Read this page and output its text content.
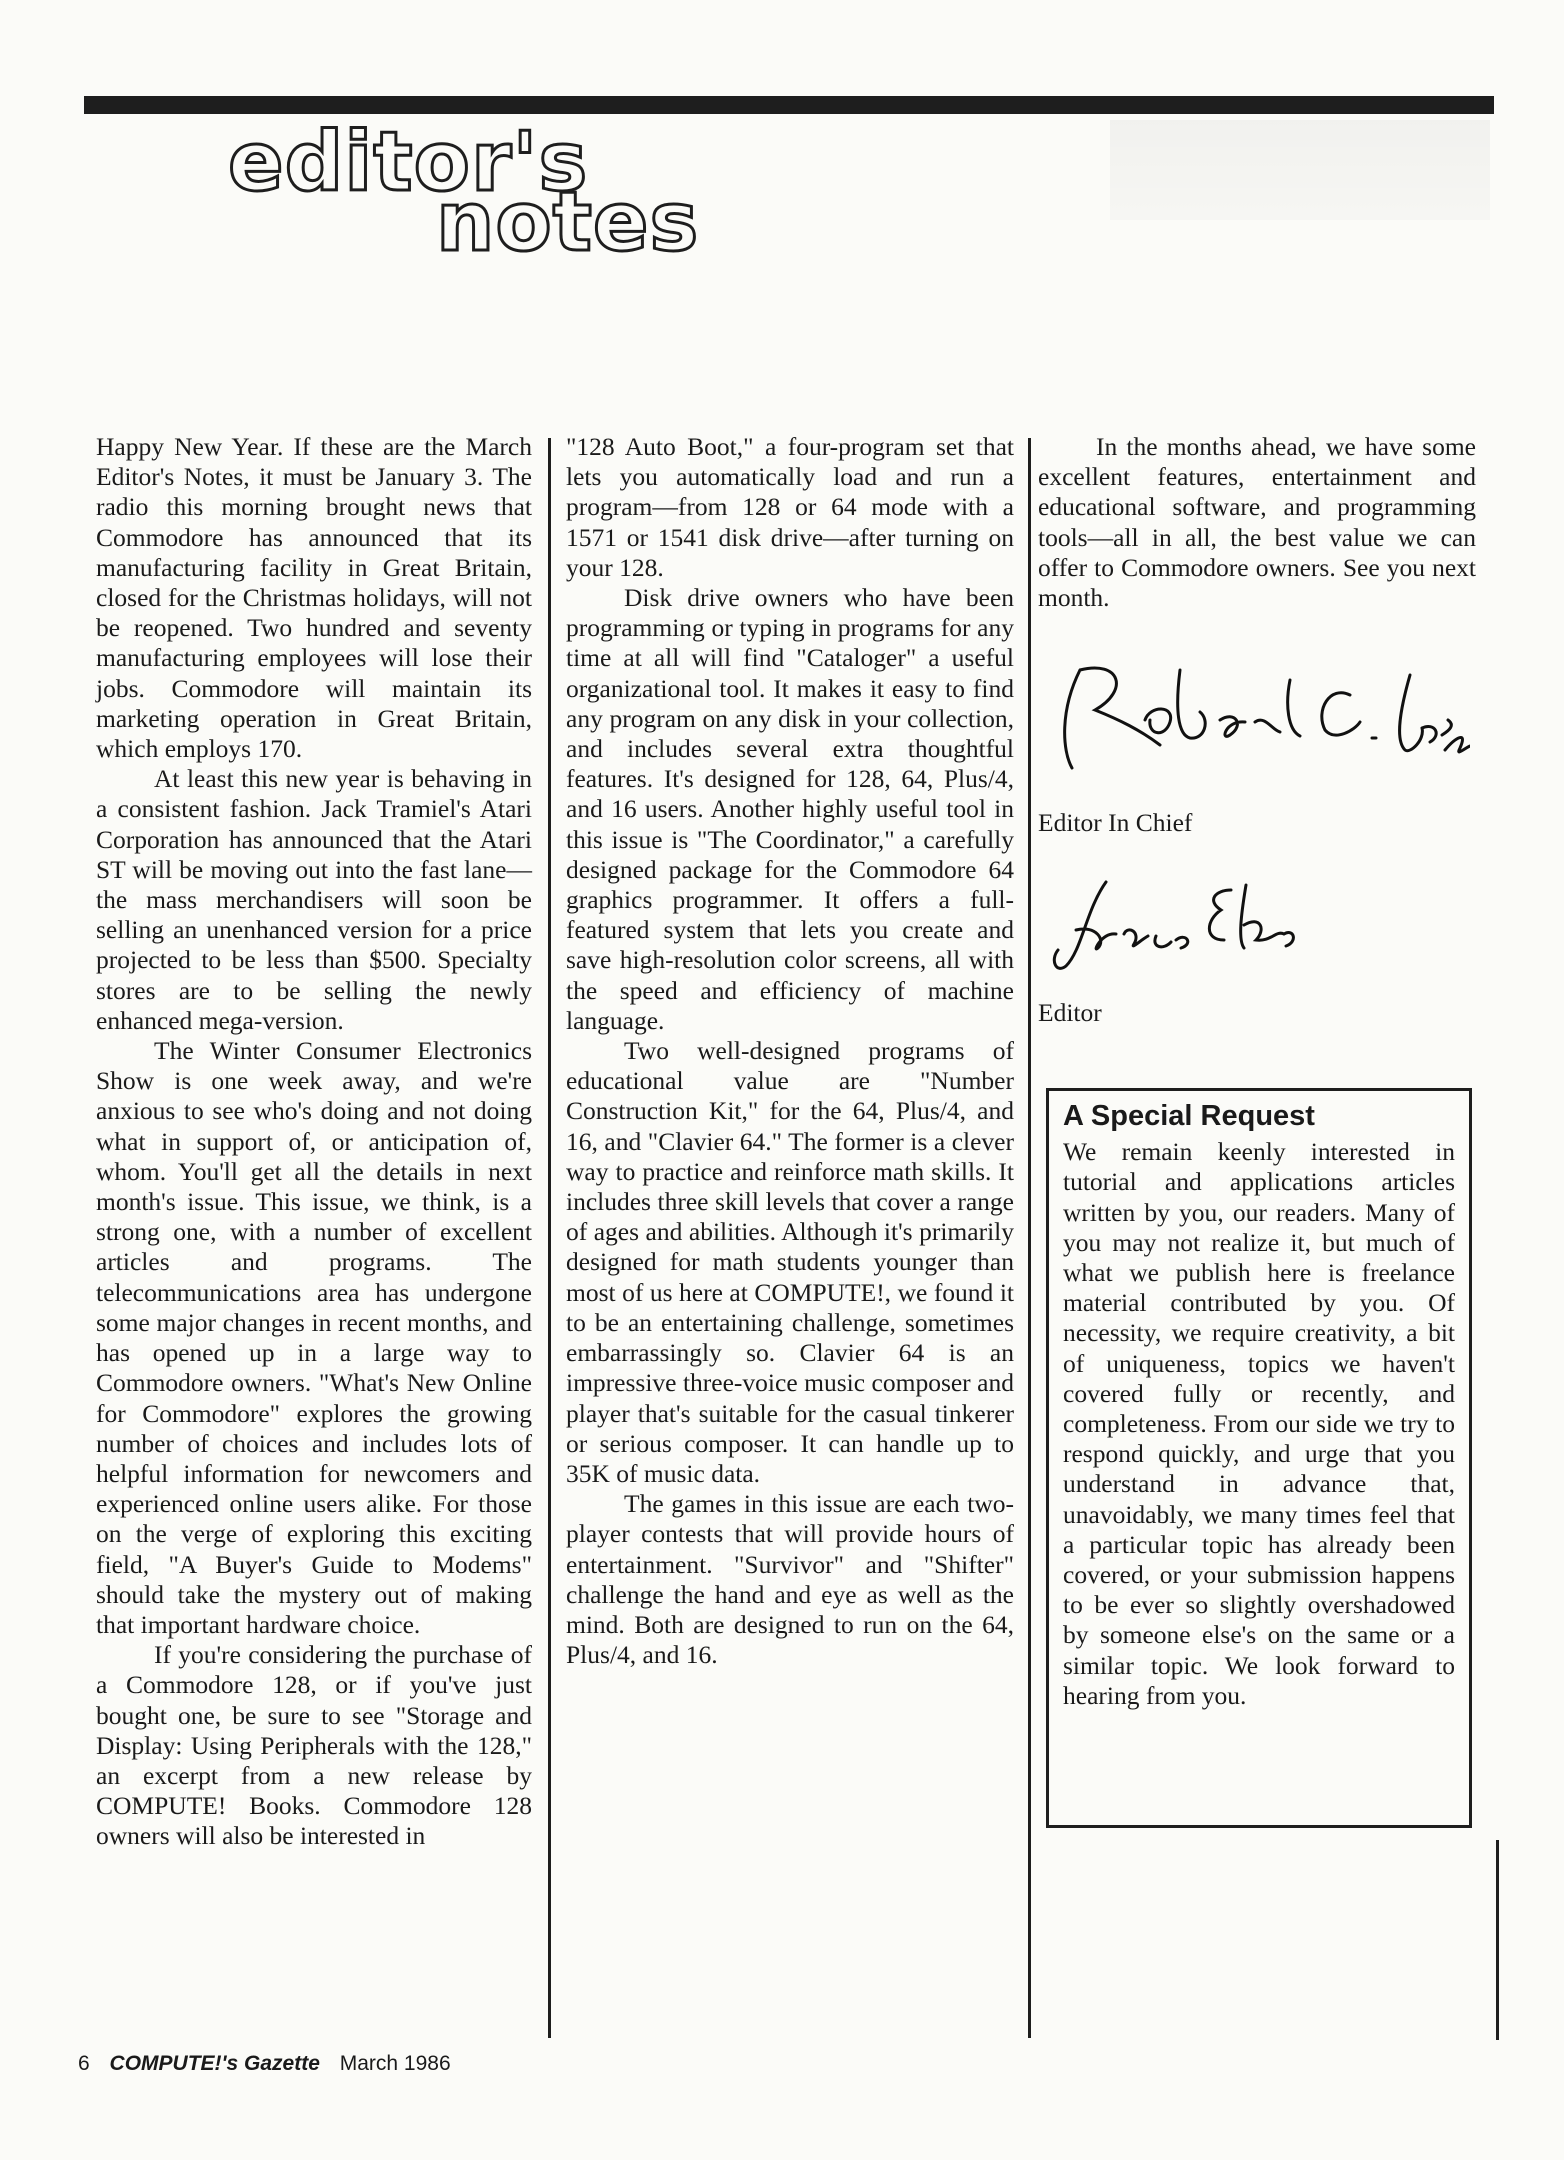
editor's
notes

Happy New Year. If these are the March Editor's Notes, it must be January 3. The radio this morning brought news that Commodore has announced that its manufacturing facility in Great Britain, closed for the Christmas holidays, will not be reopened. Two hundred and seventy manufacturing employees will lose their jobs. Commodore will maintain its marketing operation in Great Britain, which employs 170.

At least this new year is behaving in a consistent fashion. Jack Tramiel's Atari Corporation has announced that the Atari ST will be moving out into the fast lane—the mass merchandisers will soon be selling an unenhanced version for a price projected to be less than $500. Specialty stores are to be selling the newly enhanced mega-version.

The Winter Consumer Electronics Show is one week away, and we're anxious to see who's doing and not doing what in support of, or anticipation of, whom. You'll get all the details in next month's issue. This issue, we think, is a strong one, with a number of excellent articles and programs. The telecommunications area has undergone some major changes in recent months, and has opened up in a large way to Commodore owners. "What's New Online for Commodore" explores the growing number of choices and includes lots of helpful information for newcomers and experienced online users alike. For those on the verge of exploring this exciting field, "A Buyer's Guide to Modems" should take the mystery out of making that important hardware choice.

If you're considering the purchase of a Commodore 128, or if you've just bought one, be sure to see "Storage and Display: Using Peripherals with the 128," an excerpt from a new release by COMPUTE! Books. Commodore 128 owners will also be interested in

"128 Auto Boot," a four-program set that lets you automatically load and run a program—from 128 or 64 mode with a 1571 or 1541 disk drive—after turning on your 128.

Disk drive owners who have been programming or typing in programs for any time at all will find "Cataloger" a useful organizational tool. It makes it easy to find any program on any disk in your collection, and includes several extra thoughtful features. It's designed for 128, 64, Plus/4, and 16 users. Another highly useful tool in this issue is "The Coordinator," a carefully designed package for the Commodore 64 graphics programmer. It offers a full-featured system that lets you create and save high-resolution color screens, all with the speed and efficiency of machine language.

Two well-designed programs of educational value are "Number Construction Kit," for the 64, Plus/4, and 16, and "Clavier 64." The former is a clever way to practice and reinforce math skills. It includes three skill levels that cover a range of ages and abilities. Although it's primarily designed for math students younger than most of us here at COMPUTE!, we found it to be an entertaining challenge, sometimes embarrassingly so. Clavier 64 is an impressive three-voice music composer and player that's suitable for the casual tinkerer or serious composer. It can handle up to 35K of music data.

The games in this issue are each two-player contests that will provide hours of entertainment. "Survivor" and "Shifter" challenge the hand and eye as well as the mind. Both are designed to run on the 64, Plus/4, and 16.

In the months ahead, we have some excellent features, entertainment and educational software, and programming tools—all in all, the best value we can offer to Commodore owners. See you next month.

Editor In Chief
Editor
A Special Request

We remain keenly interested in tutorial and applications articles written by you, our readers. Many of you may not realize it, but much of what we publish here is freelance material contributed by you. Of necessity, we require creativity, a bit of uniqueness, topics we haven't covered fully or recently, and completeness. From our side we try to respond quickly, and urge that you understand in advance that, unavoidably, we many times feel that a particular topic has already been covered, or your submission happens to be ever so slightly overshadowed by someone else's on the same or a similar topic. We look forward to hearing from you.

6 COMPUTE!'s Gazette March 1986
